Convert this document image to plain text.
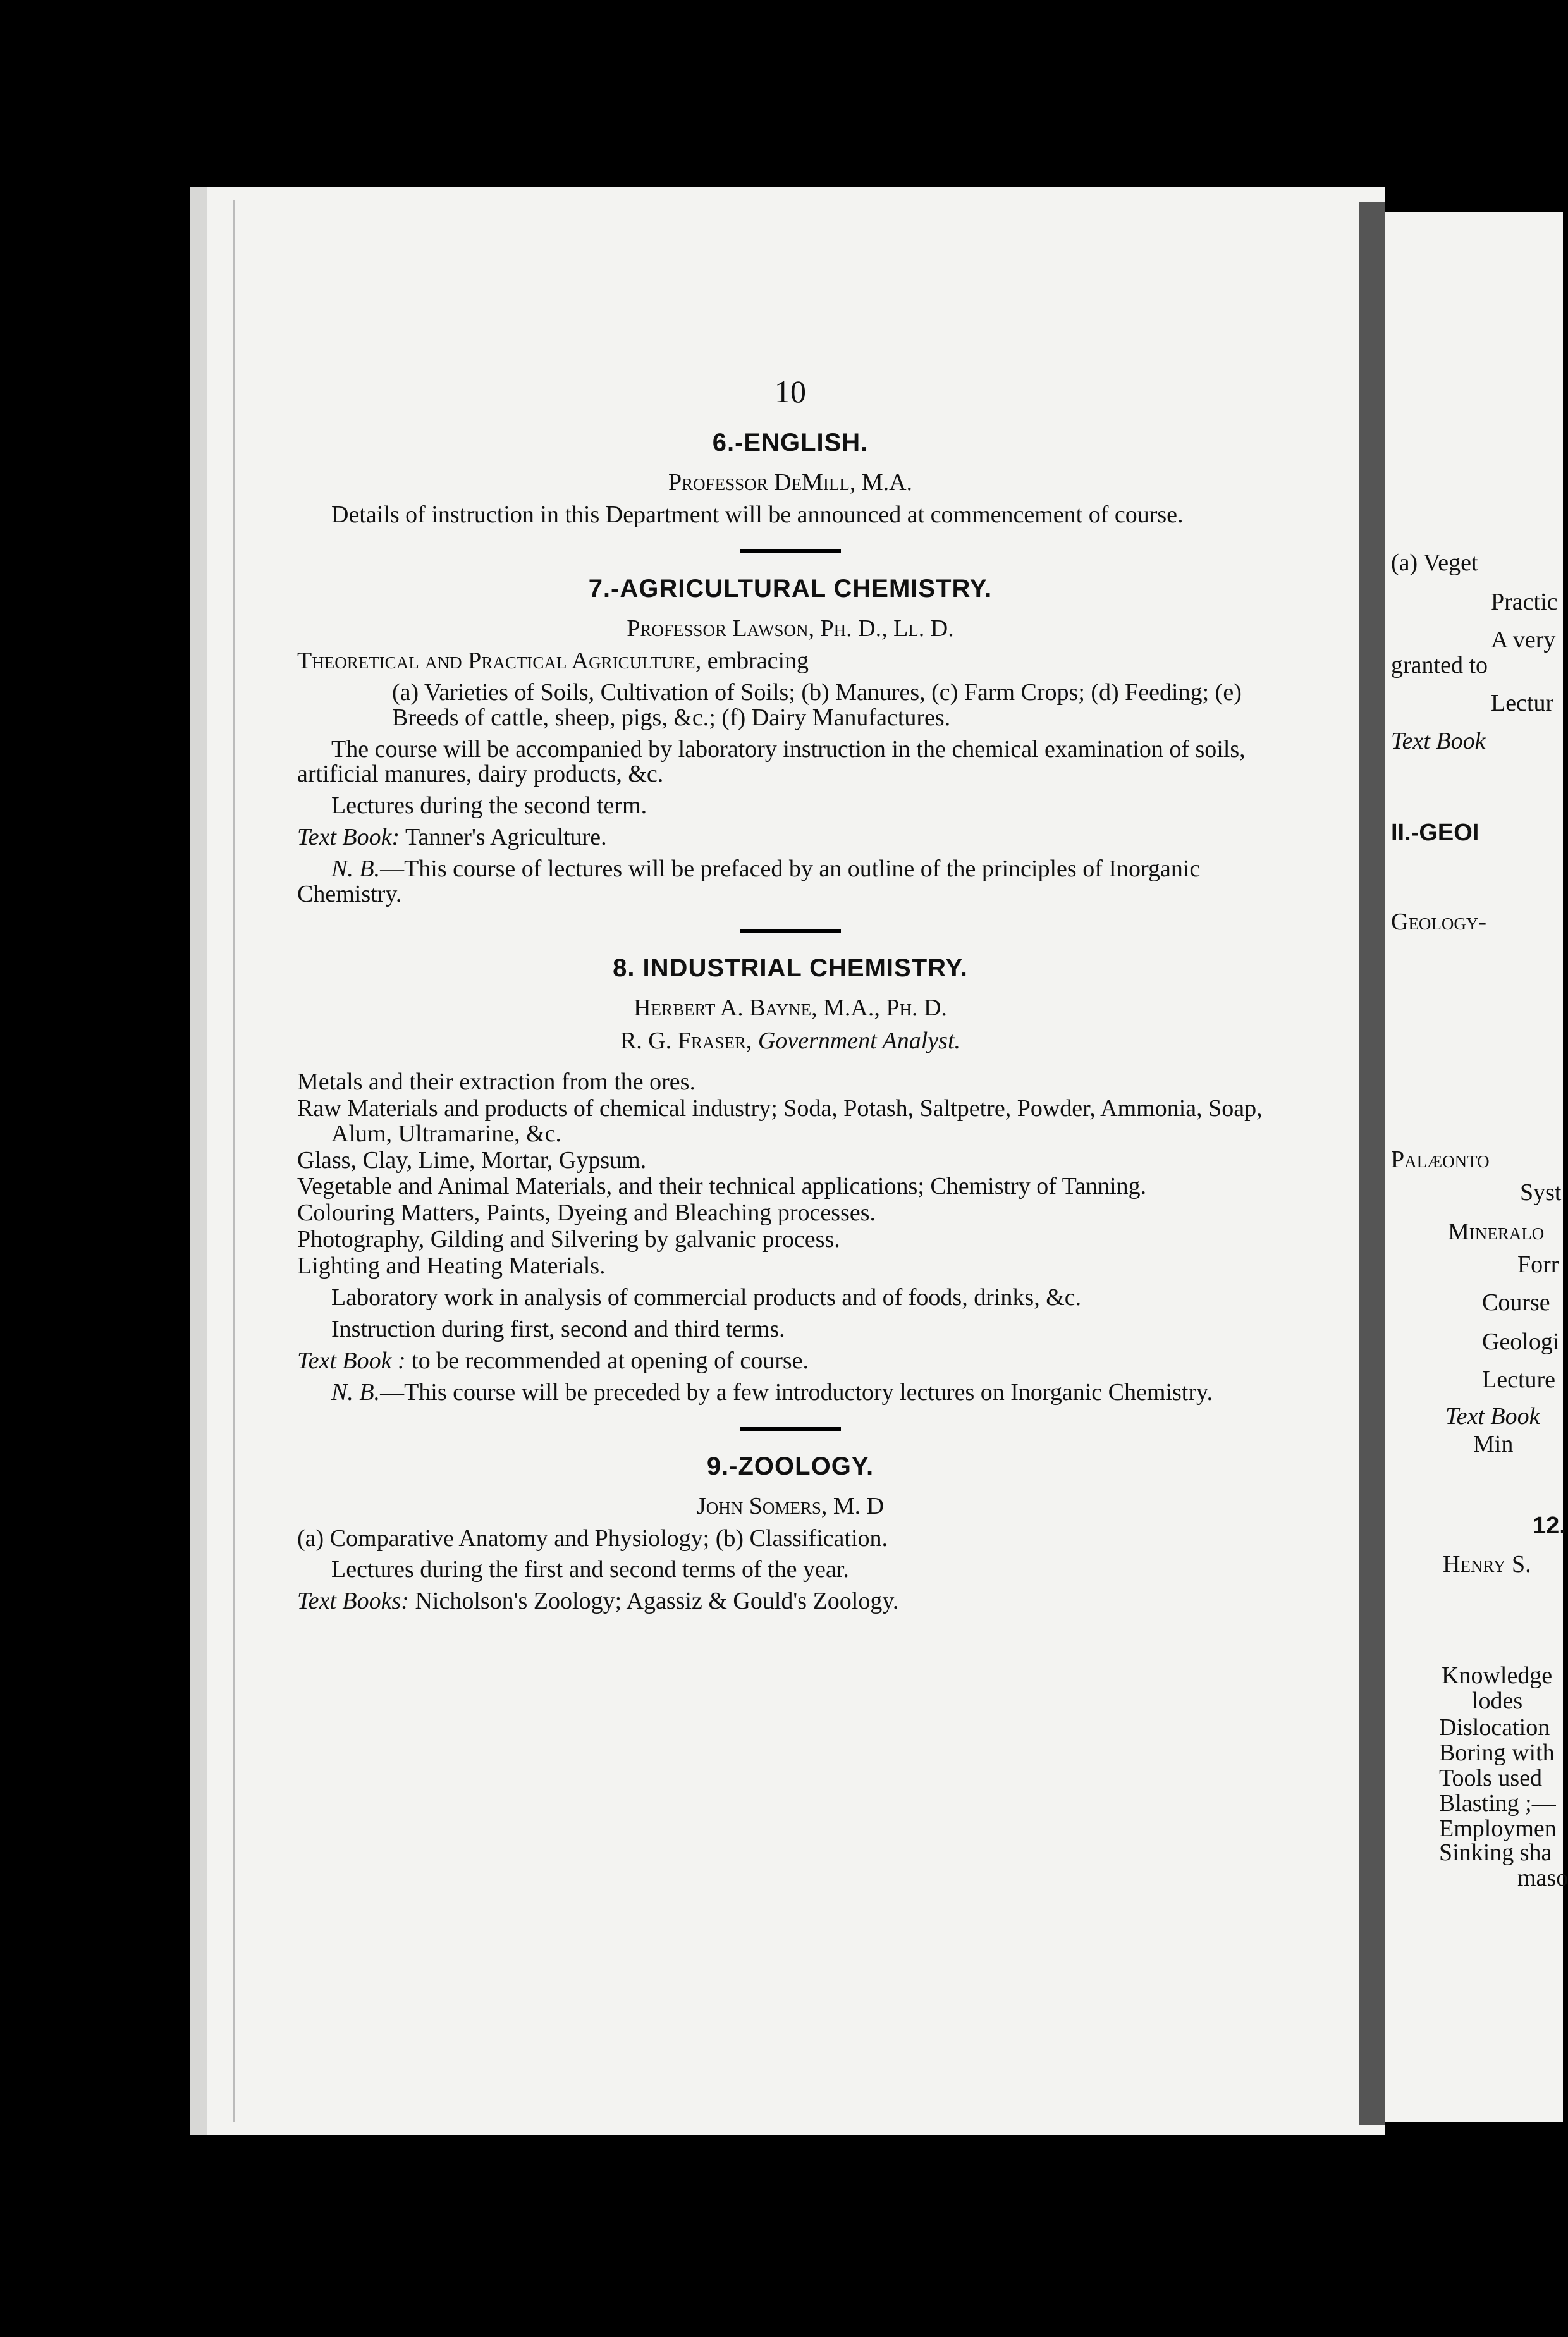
10
6.-ENGLISH.
Professor DeMill, M.A.

Details of instruction in this Department will be announced at commencement of course.

7.-AGRICULTURAL CHEMISTRY.
Professor Lawson, Ph. D., Ll. D.

Theoretical and Practical Agriculture, embracing

(a) Varieties of Soils, Cultivation of Soils; (b) Manures, (c) Farm Crops; (d) Feeding; (e) Breeds of cattle, sheep, pigs, &c.; (f) Dairy Manufactures.

The course will be accompanied by laboratory instruction in the chemical examination of soils, artificial manures, dairy products, &c.

Lectures during the second term.

Text Book: Tanner's Agriculture.

N. B.—This course of lectures will be prefaced by an outline of the principles of Inorganic Chemistry.

8. INDUSTRIAL CHEMISTRY.
Herbert A. Bayne, M.A., Ph. D.
R. G. Fraser, Government Analyst.

Metals and their extraction from the ores.

Raw Materials and products of chemical industry; Soda, Potash, Saltpetre, Powder, Ammonia, Soap, Alum, Ultramarine, &c.

Glass, Clay, Lime, Mortar, Gypsum.

Vegetable and Animal Materials, and their technical applications; Chemistry of Tanning.

Colouring Matters, Paints, Dyeing and Bleaching processes.

Photography, Gilding and Silvering by galvanic process.

Lighting and Heating Materials.

Laboratory work in analysis of commercial products and of foods, drinks, &c.

Instruction during first, second and third terms.

Text Book : to be recommended at opening of course.

N. B.—This course will be preceded by a few introductory lectures on Inorganic Chemistry.

9.-ZOOLOGY.
John Somers, M. D

(a) Comparative Anatomy and Physiology; (b) Classification.

Lectures during the first and second terms of the year.

Text Books: Nicholson's Zoology; Agassiz & Gould's Zoology.

(a) Veget
Practic
A very
granted to
Lectur
Text Book
II.-GEOI
Geology-
Palæonto
Syst
Mineralo
Forr
Course
Geologi
Lecture
Text Book
Min
12.
Henry S.
Knowledge
lodes
Dislocation
Boring with
Tools used
Blasting ;—
Employmen
Sinking sha
maso
